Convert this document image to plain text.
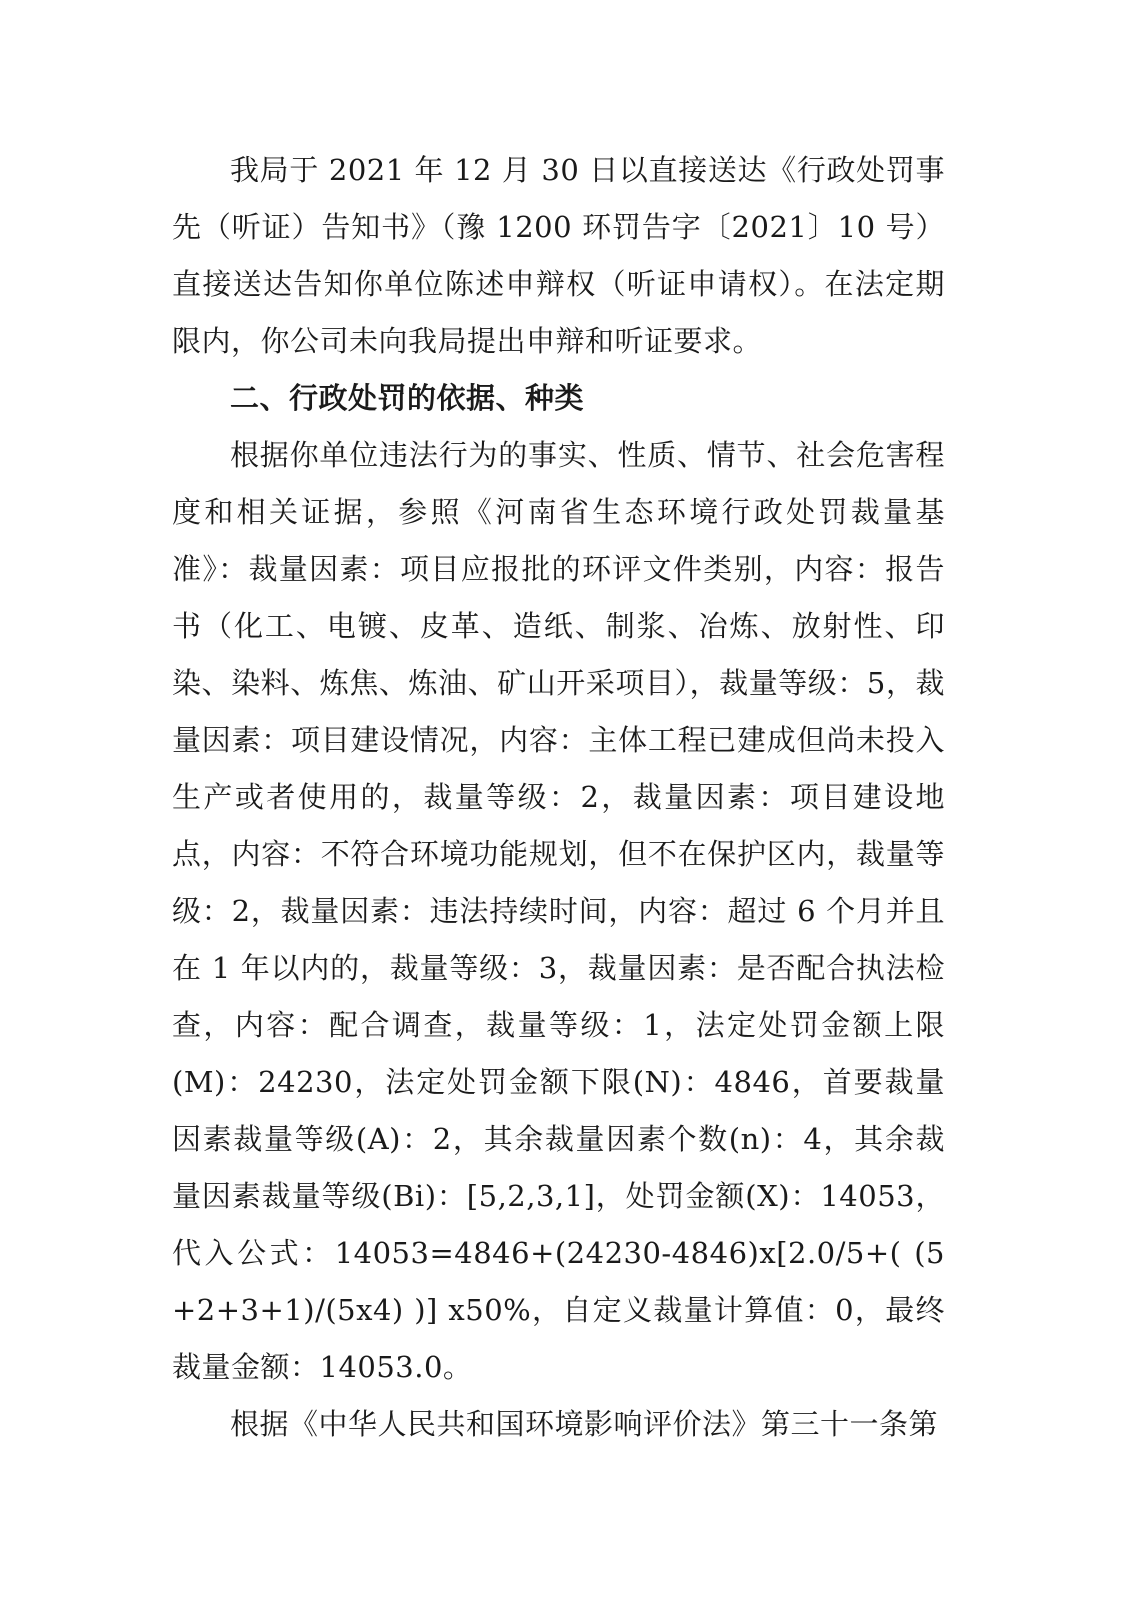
我局于 2021 年 12 月 30 日以直接送达《行政处罚事先（听证）告知书》（豫 1200 环罚告字〔2021〕10 号）直接送达告知你单位陈述申辩权（听证申请权）。在法定期限内，你公司未向我局提出申辩和听证要求。

二、行政处罚的依据、种类

根据你单位违法行为的事实、性质、情节、社会危害程度和相关证据，参照《河南省生态环境行政处罚裁量基准》：裁量因素：项目应报批的环评文件类别，内容：报告书（化工、电镀、皮革、造纸、制浆、冶炼、放射性、印染、染料、炼焦、炼油、矿山开采项目），裁量等级：5，裁量因素：项目建设情况，内容：主体工程已建成但尚未投入生产或者使用的，裁量等级：2，裁量因素：项目建设地点，内容：不符合环境功能规划，但不在保护区内，裁量等级：2，裁量因素：违法持续时间，内容：超过 6 个月并且在 1 年以内的，裁量等级：3，裁量因素：是否配合执法检查，内容：配合调查，裁量等级：1，法定处罚金额上限(M)：24230，法定处罚金额下限(N)：4846，首要裁量因素裁量等级(A)：2，其余裁量因素个数(n)：4，其余裁量因素裁量等级(Bi)：[5,2,3,1]，处罚金额(X)：14053，代入公式：14053=4846+(24230-4846)x[2.0/5+( (5+2+3+1)/(5x4) )] x50%，自定义裁量计算值：0，最终裁量金额：14053.0。

根据《中华人民共和国环境影响评价法》第三十一条第
